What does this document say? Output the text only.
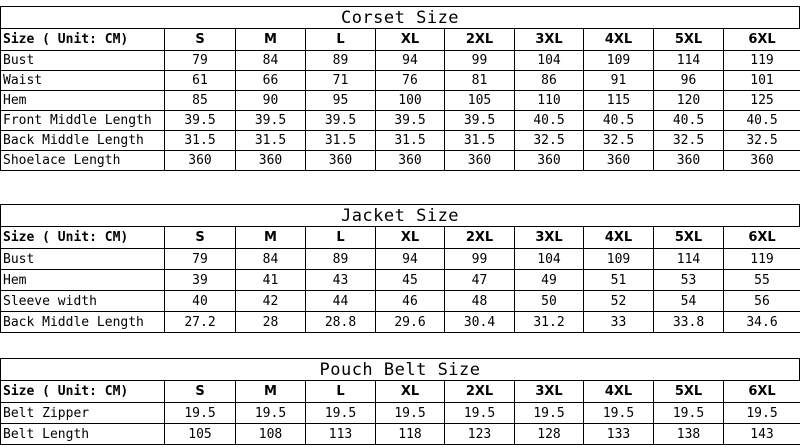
Corset Size
Size ( Unit: CM)	S	M	L	XL	2XL	3XL	4XL	5XL	6XL
Bust	79	84	89	94	99	104	109	114	119
Waist	61	66	71	76	81	86	91	96	101
Hem	85	90	95	100	105	110	115	120	125
Front Middle Length	39.5	39.5	39.5	39.5	39.5	40.5	40.5	40.5	40.5
Back Middle Length	31.5	31.5	31.5	31.5	31.5	32.5	32.5	32.5	32.5
Shoelace Length	360	360	360	360	360	360	360	360	360
Jacket Size
Size ( Unit: CM)	S	M	L	XL	2XL	3XL	4XL	5XL	6XL
Bust	79	84	89	94	99	104	109	114	119
Hem	39	41	43	45	47	49	51	53	55
Sleeve width	40	42	44	46	48	50	52	54	56
Back Middle Length	27.2	28	28.8	29.6	30.4	31.2	33	33.8	34.6
Pouch Belt Size
Size ( Unit: CM)	S	M	L	XL	2XL	3XL	4XL	5XL	6XL
Belt Zipper	19.5	19.5	19.5	19.5	19.5	19.5	19.5	19.5	19.5
Belt Length	105	108	113	118	123	128	133	138	143
